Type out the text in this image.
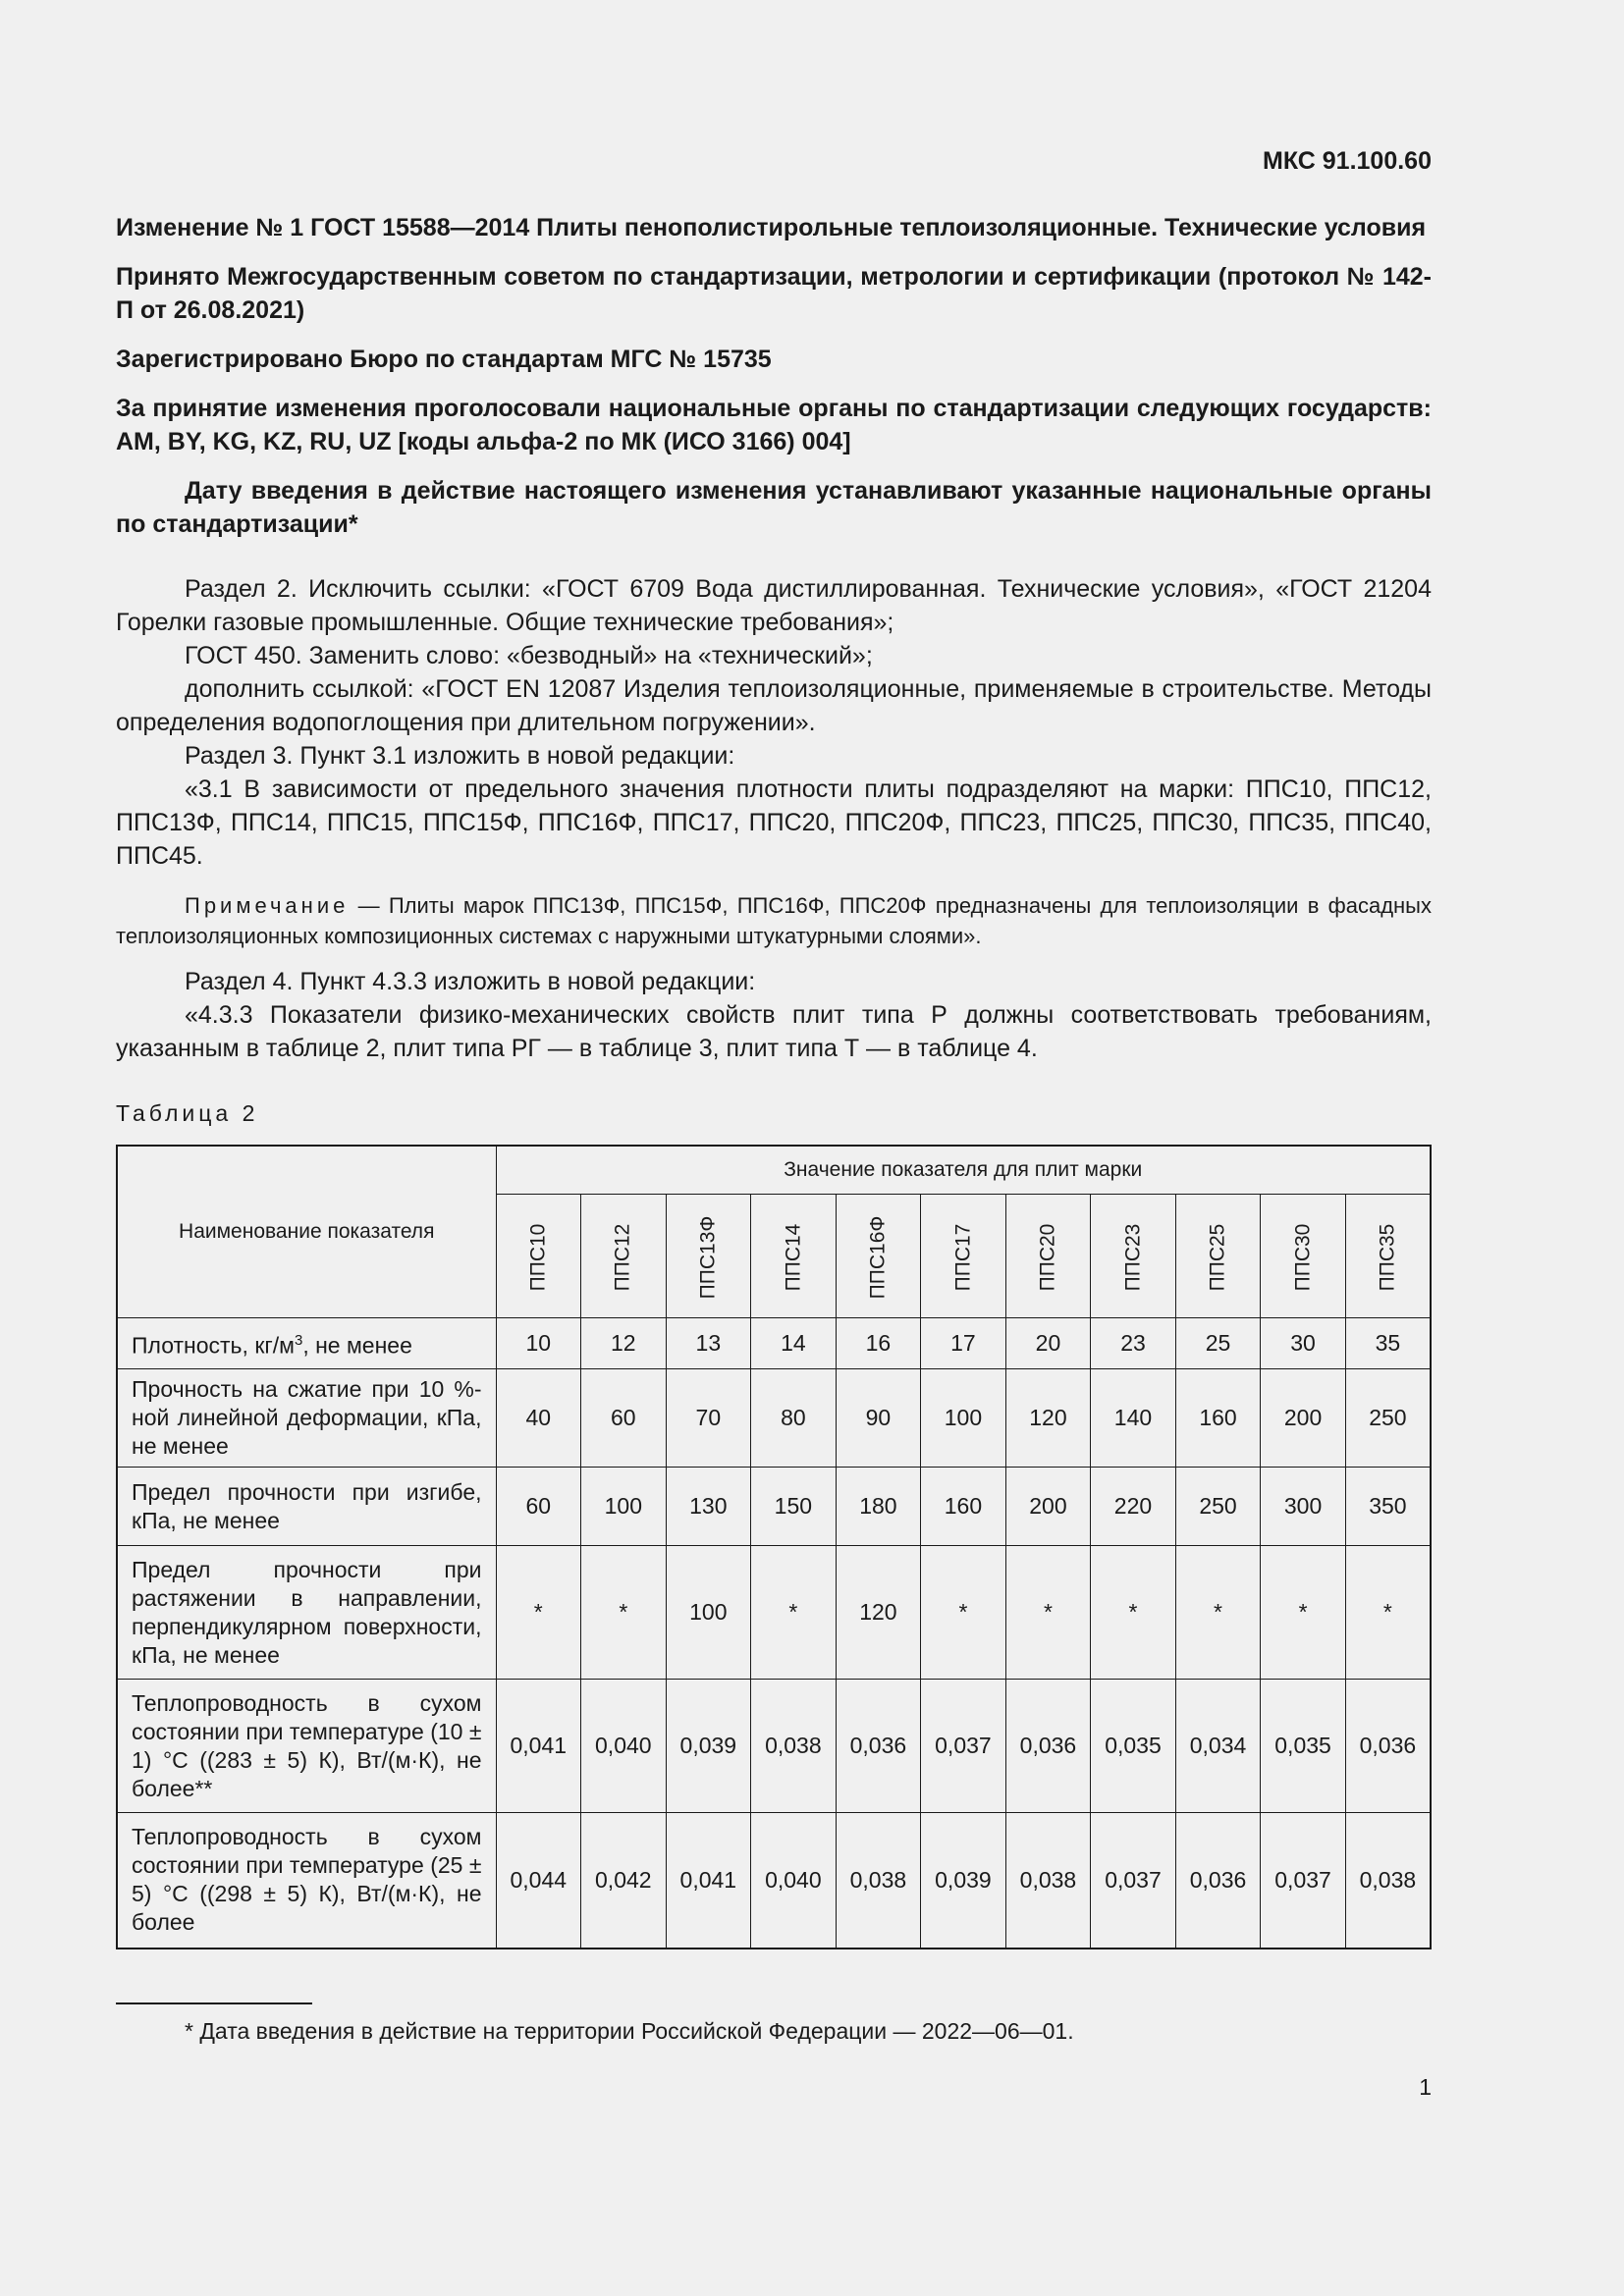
МКС 91.100.60

Изменение № 1 ГОСТ 15588—2014 Плиты пенополистирольные теплоизоляционные. Технические условия

Принято Межгосударственным советом по стандартизации, метрологии и сертификации (протокол № 142-П от 26.08.2021)

Зарегистрировано Бюро по стандартам МГС № 15735

За принятие изменения проголосовали национальные органы по стандартизации следующих государств: AM, BY, KG, KZ, RU, UZ [коды альфа-2 по МК (ИСО 3166) 004]

Дату введения в действие настоящего изменения устанавливают указанные национальные органы по стандартизации*

Раздел 2. Исключить ссылки: «ГОСТ 6709 Вода дистиллированная. Технические условия», «ГОСТ 21204 Горелки газовые промышленные. Общие технические требования»;

ГОСТ 450. Заменить слово: «безводный» на «технический»;

дополнить ссылкой: «ГОСТ EN 12087 Изделия теплоизоляционные, применяемые в строительстве. Методы определения водопоглощения при длительном погружении».

Раздел 3. Пункт 3.1 изложить в новой редакции:

«3.1 В зависимости от предельного значения плотности плиты подразделяют на марки: ППС10, ППС12, ППС13Ф, ППС14, ППС15, ППС15Ф, ППС16Ф, ППС17, ППС20, ППС20Ф, ППС23, ППС25, ППС30, ППС35, ППС40, ППС45.

Примечание — Плиты марок ППС13Ф, ППС15Ф, ППС16Ф, ППС20Ф предназначены для теплоизоляции в фасадных теплоизоляционных композиционных системах с наружными штукатурными слоями».

Раздел 4. Пункт 4.3.3 изложить в новой редакции:

«4.3.3 Показатели физико-механических свойств плит типа Р должны соответствовать требованиям, указанным в таблице 2, плит типа РГ — в таблице 3, плит типа Т — в таблице 4.

Таблица 2
Наименование показателя	Значение показателя для плит марки										
	ППС10	ППС12	ППС13Ф	ППС14	ППС16Ф	ППС17	ППС20	ППС23	ППС25	ППС30	ППС35
Плотность, $кг/м^3$, не менее	10	12	13	14	16	17	20	23	25	30	35
Прочность на сжатие при 10 %-ной линейной деформации, кПа, не менее	40	60	70	80	90	100	120	140	160	200	250
Предел прочности при изгибе, кПа, не менее	60	100	130	150	180	160	200	220	250	300	350
Предел прочности при растяжении в направлении, перпендикулярном поверхности, кПа, не менее	*	*	100	*	120	*	*	*	*	*	*
Теплопроводность в сухом состоянии при температуре (10 ± 1) °С ((283 ± 5) К), Вт/(м·К), не более**	0,041	0,040	0,039	0,038	0,036	0,037	0,036	0,035	0,034	0,035	0,036
Теплопроводность в сухом состоянии при температуре (25 ± 5) °С ((298 ± 5) К), Вт/(м·К), не более	0,044	0,042	0,041	0,040	0,038	0,039	0,038	0,037	0,036	0,037	0,038
* Дата введения в действие на территории Российской Федерации — 2022—06—01.
1
